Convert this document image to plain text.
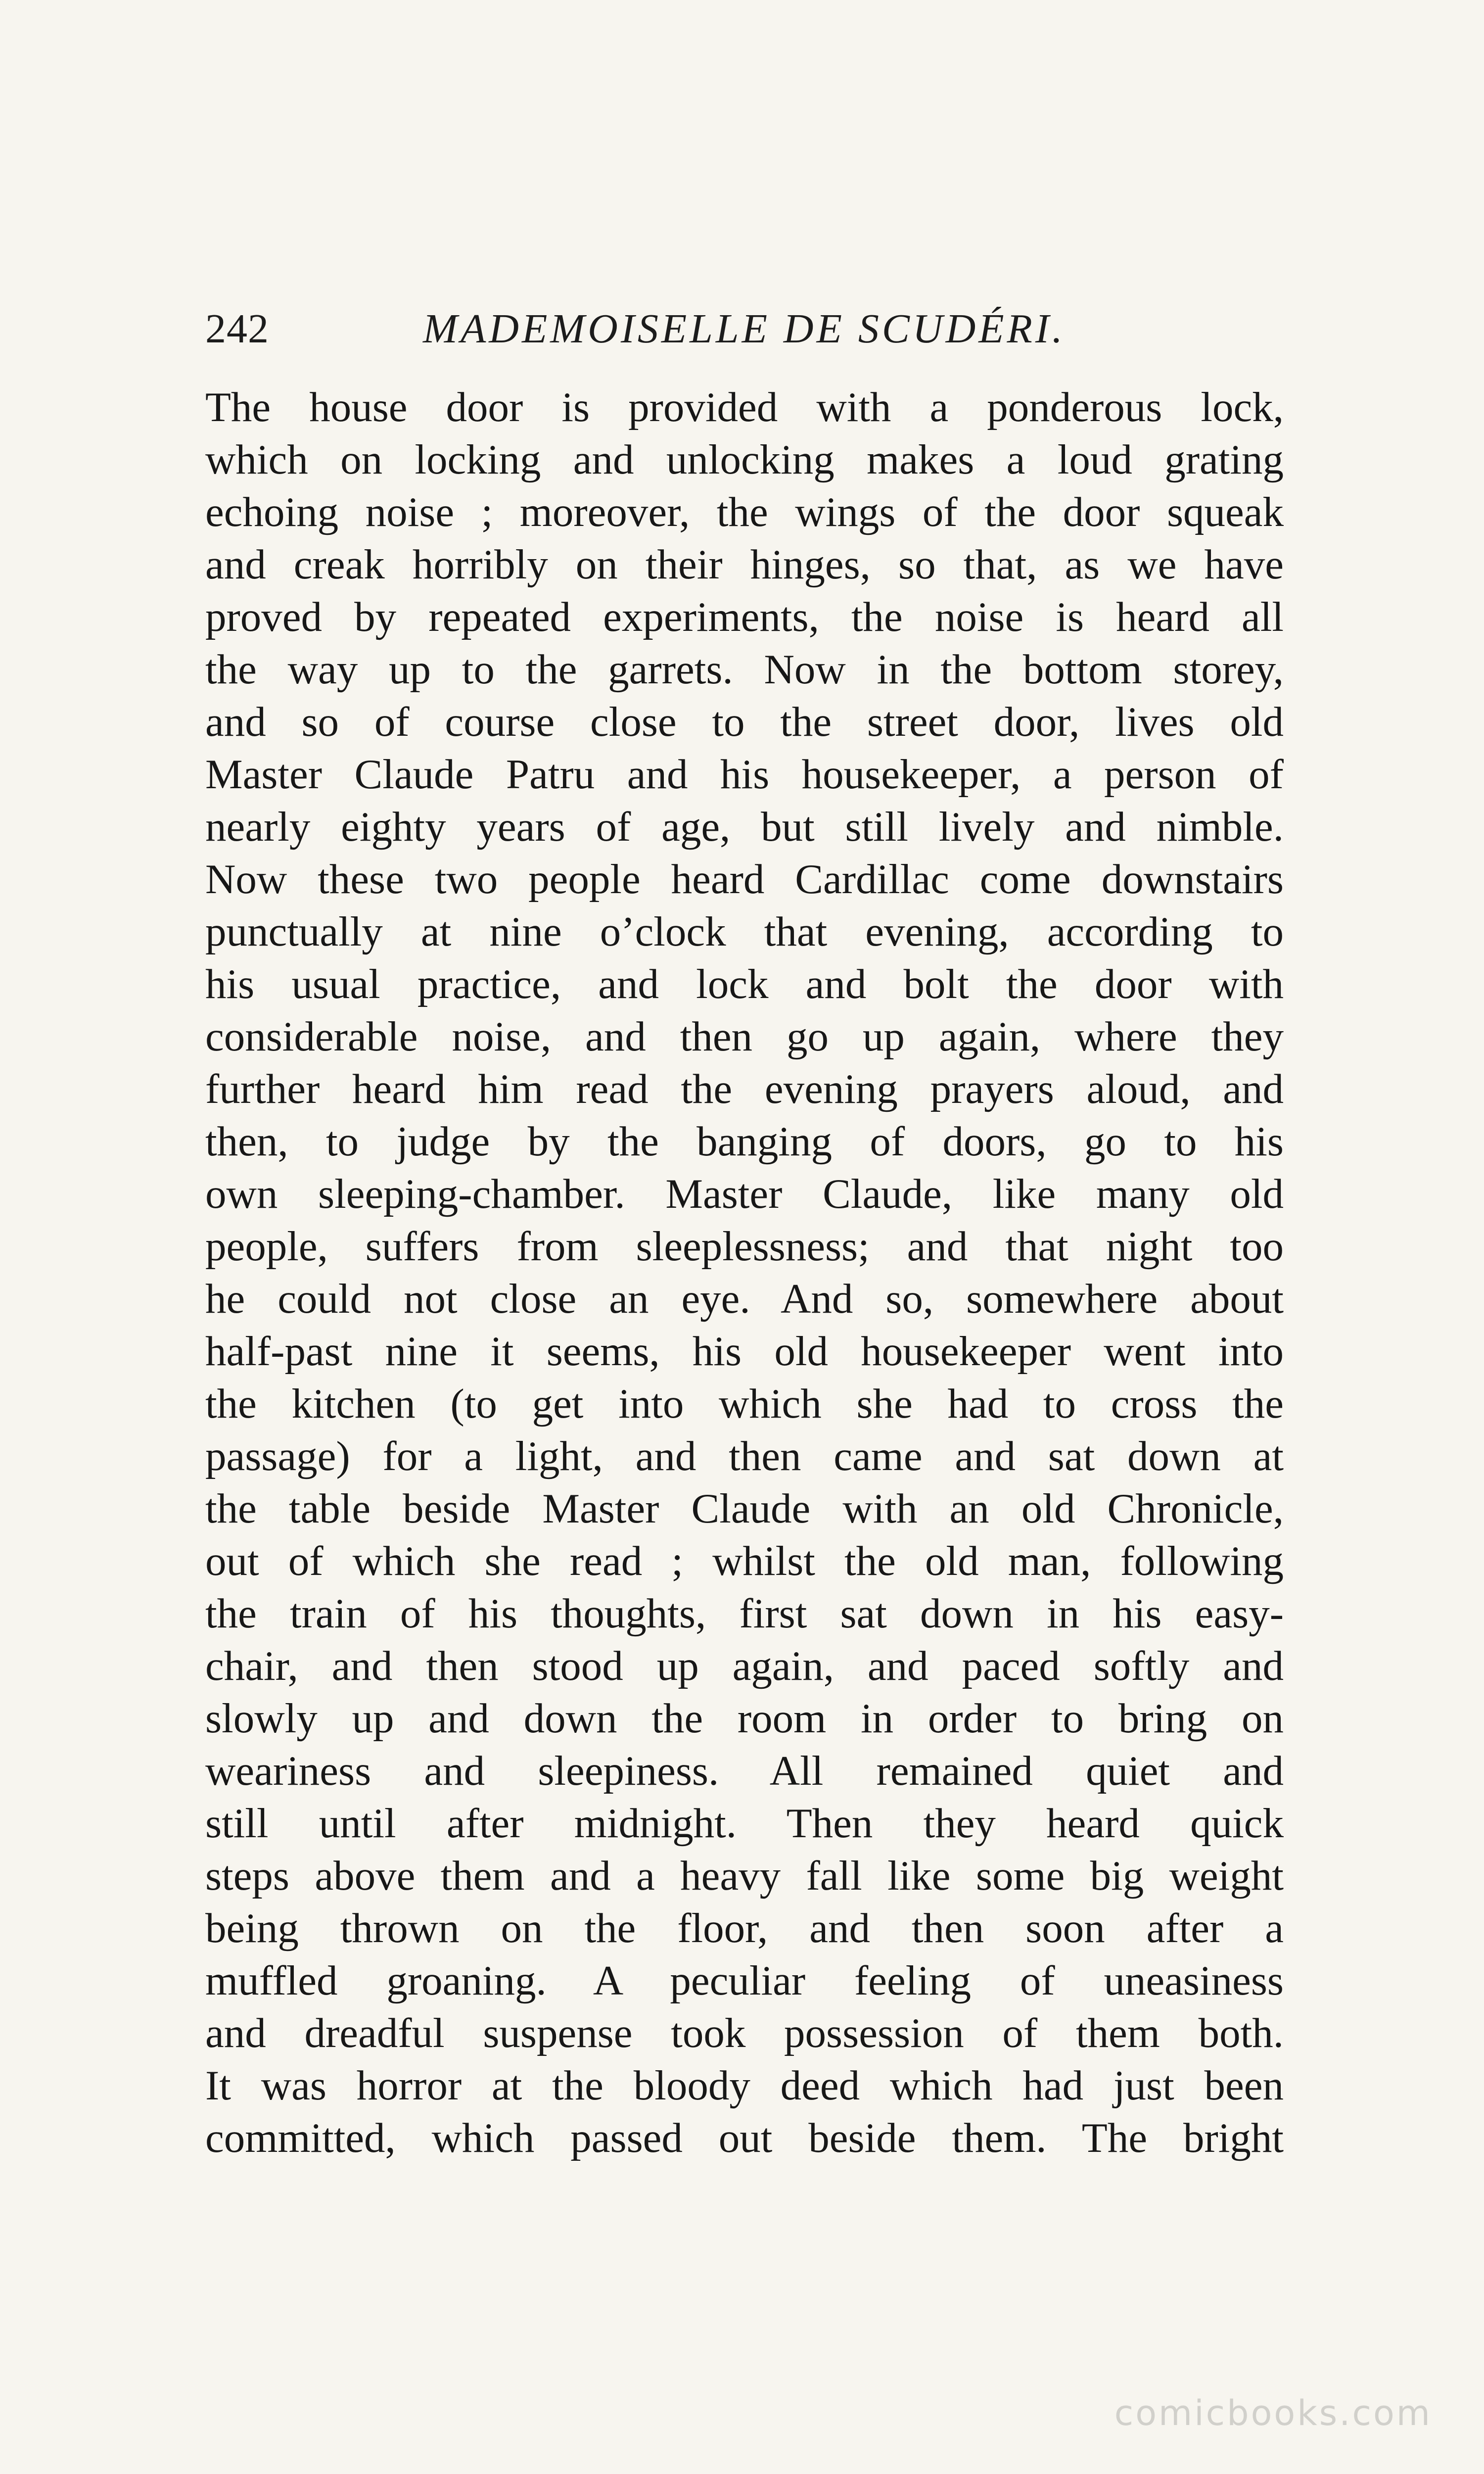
242	MADEMOISELLE DE SCUDÉRI.
The house door is provided with a ponderous lock,
which on locking and unlocking makes a loud grating
echoing noise ; moreover, the wings of the door squeak
and creak horribly on their hinges, so that, as we have
proved by repeated experiments, the noise is heard all
the way up to the garrets. Now in the bottom storey,
and so of course close to the street door, lives old
Master Claude Patru and his housekeeper, a person of
nearly eighty years of age, but still lively and nimble.
Now these two people heard Cardillac come downstairs
punctually at nine o’clock that evening, according to
his usual practice, and lock and bolt the door with
considerable noise, and then go up again, where they
further heard him read the evening prayers aloud, and
then, to judge by the banging of doors, go to his
own sleeping-chamber. Master Claude, like many old
people, suffers from sleeplessness; and that night too
he could not close an eye. And so, somewhere about
half-past nine it seems, his old housekeeper went into
the kitchen (to get into which she had to cross the
passage) for a light, and then came and sat down at
the table beside Master Claude with an old Chronicle,
out of which she read ; whilst the old man, following
the train of his thoughts, first sat down in his easy-
chair, and then stood up again, and paced softly and
slowly up and down the room in order to bring on
weariness and sleepiness. All remained quiet and
still until after midnight. Then they heard quick
steps above them and a heavy fall like some big weight
being thrown on the floor, and then soon after a
muffled groaning. A peculiar feeling of uneasiness
and dreadful suspense took possession of them both.
It was horror at the bloody deed which had just been
committed, which passed out beside them. The bright
comicbooks.com
